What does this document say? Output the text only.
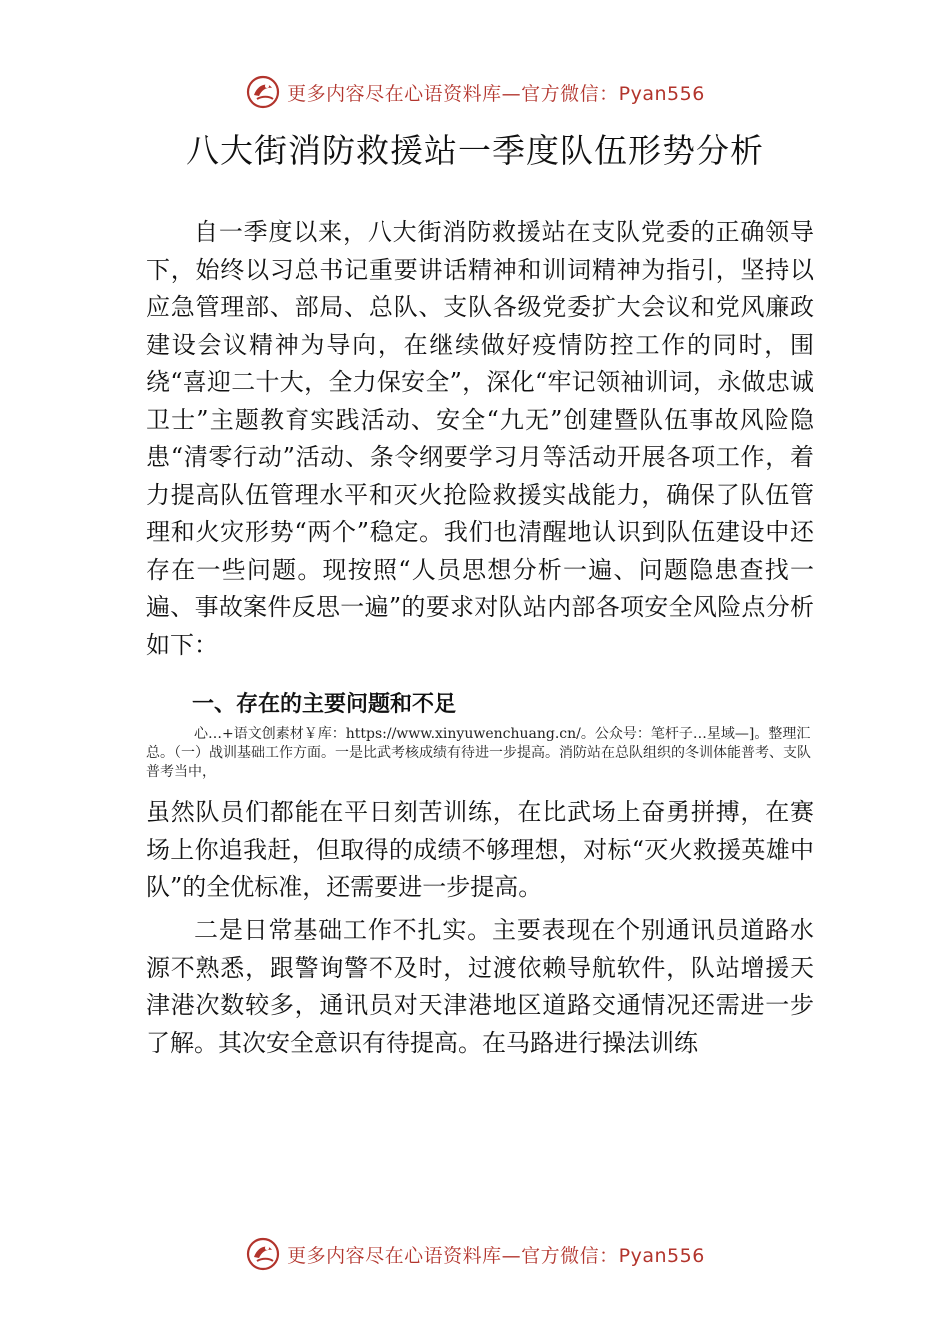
更多内容尽在心语资料库—官方微信：Pyan556
八大街消防救援站一季度队伍形势分析

自一季度以来，八大街消防救援站在支队党委的正确领导下，始终以习总书记重要讲话精神和训词精神为指引，坚持以应急管理部、部局、总队、支队各级党委扩大会议和党风廉政建设会议精神为导向，在继续做好疫情防控工作的同时，围绕“喜迎二十大，全力保安全”，深化“牢记领袖训词，永做忠诚卫士”主题教育实践活动、安全“九无”创建暨队伍事故风险隐患“清零行动”活动、条令纲要学习月等活动开展各项工作，着力提高队伍管理水平和灭火抢险救援实战能力，确保了队伍管理和火灾形势“两个”稳定。我们也清醒地认识到队伍建设中还存在一些问题。现按照“人员思想分析一遍、问题隐患查找一遍、事故案件反思一遍”的要求对队站内部各项安全风险点分析如下：

一、存在的主要问题和不足

心…+语文创素材￥库：https://www.xinyuwenchuang.cn/。公众号：笔杆子…星域—]。整理汇总。（一）战训基础工作方面。一是比武考核成绩有待进一步提高。消防站在总队组织的冬训体能普考、支队普考当中，

虽然队员们都能在平日刻苦训练，在比武场上奋勇拼搏，在赛场上你追我赶，但取得的成绩不够理想，对标“灭火救援英雄中队”的全优标准，还需要进一步提高。

二是日常基础工作不扎实。主要表现在个别通讯员道路水源不熟悉，跟警询警不及时，过渡依赖导航软件，队站增援天津港次数较多，通讯员对天津港地区道路交通情况还需进一步了解。其次安全意识有待提高。在马路进行操法训练

更多内容尽在心语资料库—官方微信：Pyan556
